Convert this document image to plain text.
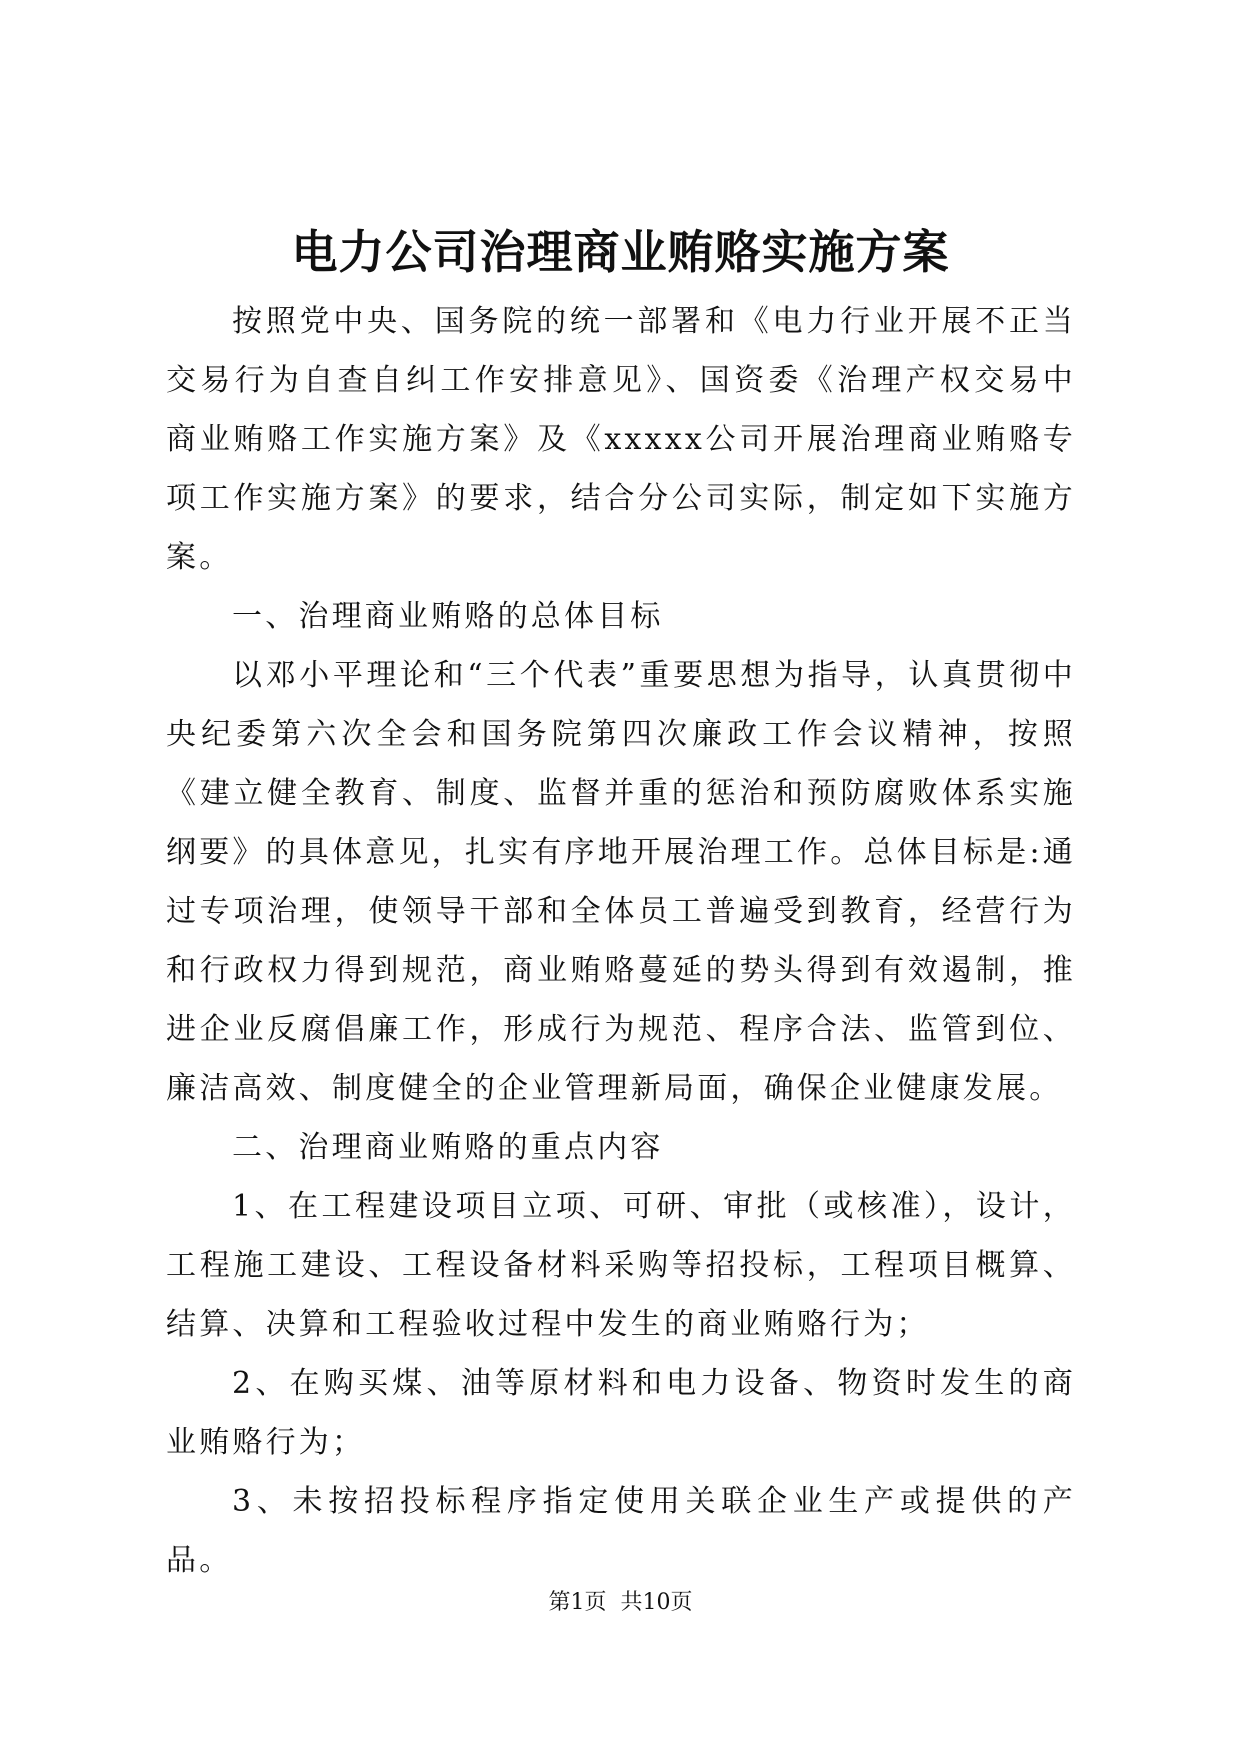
电力公司治理商业贿赂实施方案

按照党中央、国务院的统一部署和《电力行业开展不正当交易行为自查自纠工作安排意见》、国资委《治理产权交易中商业贿赂工作实施方案》及《xxxxx公司开展治理商业贿赂专项工作实施方案》的要求，结合分公司实际，制定如下实施方案。

一、治理商业贿赂的总体目标

以邓小平理论和“三个代表”重要思想为指导，认真贯彻中央纪委第六次全会和国务院第四次廉政工作会议精神，按照《建立健全教育、制度、监督并重的惩治和预防腐败体系实施纲要》的具体意见，扎实有序地开展治理工作。总体目标是:通过专项治理，使领导干部和全体员工普遍受到教育，经营行为和行政权力得到规范，商业贿赂蔓延的势头得到有效遏制，推进企业反腐倡廉工作，形成行为规范、程序合法、监管到位、廉洁高效、制度健全的企业管理新局面，确保企业健康发展。

二、治理商业贿赂的重点内容

1、在工程建设项目立项、可研、审批（或核准），设计，工程施工建设、工程设备材料采购等招投标，工程项目概算、结算、决算和工程验收过程中发生的商业贿赂行为；

2、在购买煤、油等原材料和电力设备、物资时发生的商业贿赂行为；

3、未按招投标程序指定使用关联企业生产或提供的产品。

第1页 共10页
